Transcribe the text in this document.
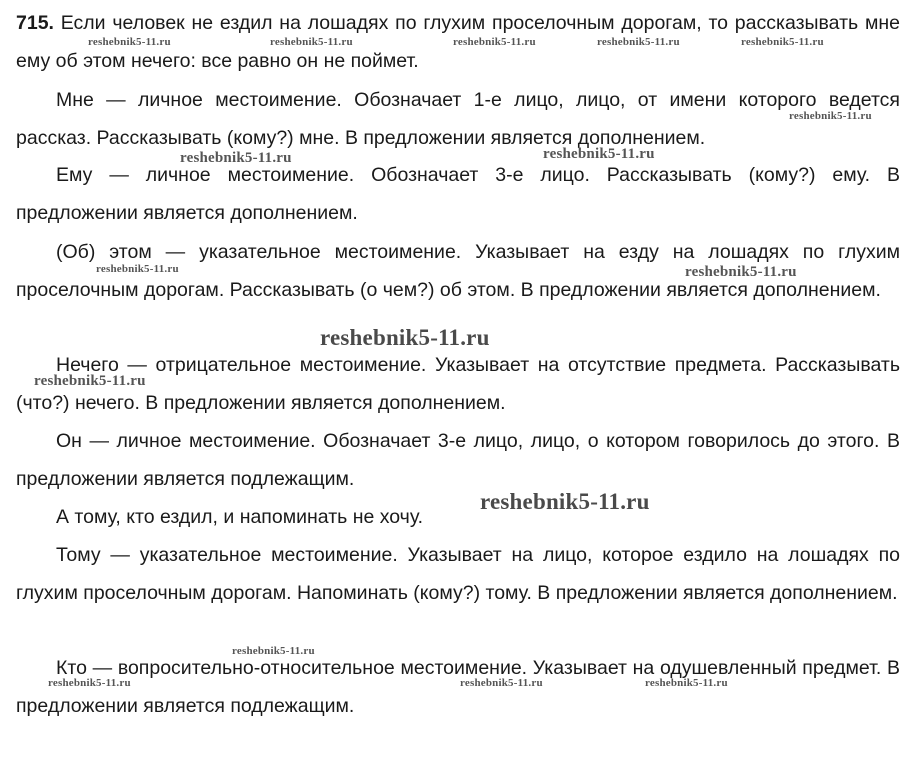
715. Если человек не ездил на лошадях по глухим проселочным дорогам, то рассказывать мне ему об этом нечего: все равно он не поймет.

Мне — личное местоимение. Обозначает 1-е лицо, лицо, от имени которого ведется рассказ. Рассказывать (кому?) мне. В предложении является дополнением.

Ему — личное местоимение. Обозначает 3-е лицо. Рассказывать (кому?) ему. В предложении является дополнением.

(Об) этом — указательное местоимение. Указывает на езду на лошадях по глухим проселочным дорогам. Рассказывать (о чем?) об этом. В предложении является дополнением.

Нечего — отрицательное местоимение. Указывает на отсутствие предмета. Рассказывать (что?) нечего. В предложении является дополнением.

Он — личное местоимение. Обозначает 3-е лицо, лицо, о котором говорилось до этого. В предложении является подлежащим.

А тому, кто ездил, и напоминать не хочу.

Тому — указательное местоимение. Указывает на лицо, которое ездило на лошадях по глухим проселочным дорогам. Напоминать (кому?) тому. В предложении является дополнением.

Кто — вопросительно-относительное местоимение. Указывает на одушевленный предмет. В предложении является подлежащим.

reshebnik5-11.ru	reshebnik5-11.ru	reshebnik5-11.ru	reshebnik5-11.ru	reshebnik5-11.ru
reshebnik5-11.ru
reshebnik5-11.ru	reshebnik5-11.ru
reshebnik5-11.ru	reshebnik5-11.ru
reshebnik5-11.ru
reshebnik5-11.ru
reshebnik5-11.ru
reshebnik5-11.ru
reshebnik5-11.ru	reshebnik5-11.ru	reshebnik5-11.ru
